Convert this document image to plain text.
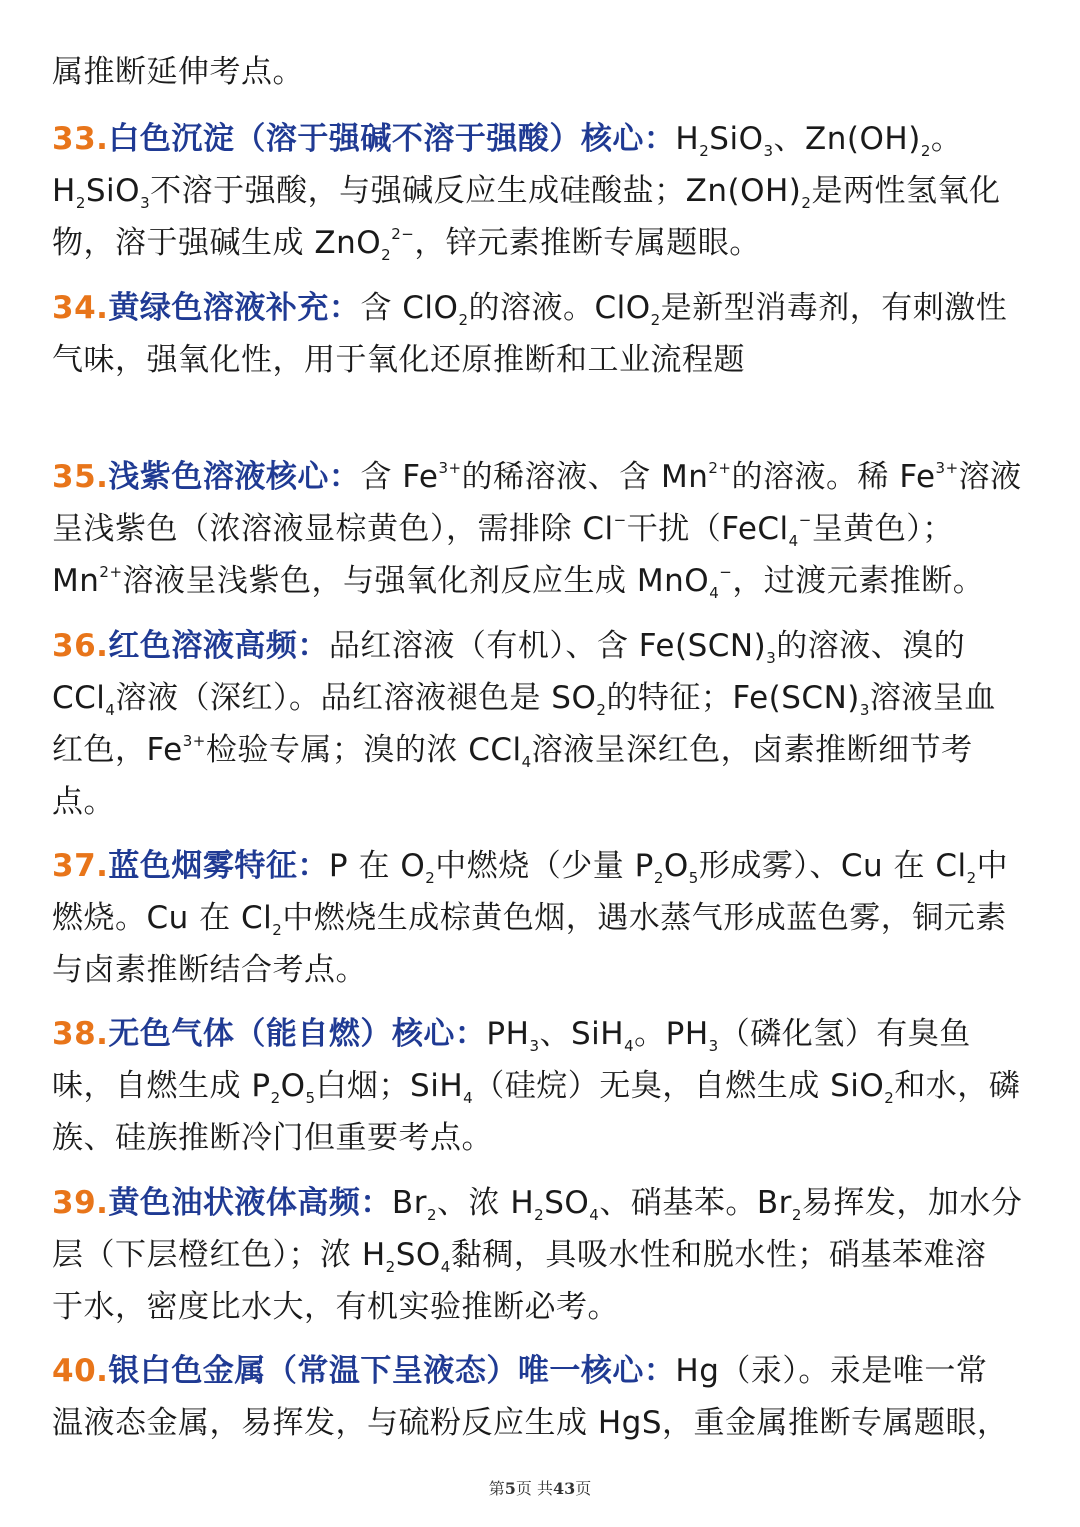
属推断延伸考点。
33.白色沉淀（溶于强碱不溶于强酸）核心：$H_2SiO_3$、$Zn(OH)_2$。
$H_2SiO_3$不溶于强酸，与强碱反应生成硅酸盐；$Zn(OH)_2$是两性氢氧化
物，溶于强碱生成 ZnO$_2^{2-}$，锌元素推断专属题眼。
34.黄绿色溶液补充：含 ClO$_2$的溶液。ClO$_2$是新型消毒剂，有刺激性
气味，强氧化性，用于氧化还原推断和工业流程题
35.浅紫色溶液核心：含 $Fe^{3+}$的稀溶液、含 $Mn^{2+}$的溶液。稀 $Fe^{3+}$溶液
呈浅紫色（浓溶液显棕黄色），需排除 Cl−干扰（FeCl$_4$−呈黄色）；
$Mn^{2+}$溶液呈浅紫色，与强氧化剂反应生成 MnO$_4$−，过渡元素推断。
36.红色溶液高频：品红溶液（有机）、含 $Fe(SCN)_3$的溶液、溴的
CCl$_4$溶液（深红）。品红溶液褪色是 $SO_2$的特征；$Fe(SCN)_3$溶液呈血
红色，$Fe^{3+}$检验专属；溴的浓 CCl$_4$溶液呈深红色，卤素推断细节考
点。
37.蓝色烟雾特征：P 在 $O_2$中燃烧（少量 $P_2O_5$形成雾）、Cu 在 $Cl_2$中
燃烧。Cu 在 $Cl_2$中燃烧生成棕黄色烟，遇水蒸气形成蓝色雾，铜元素
与卤素推断结合考点。
38.无色气体（能自燃）核心：$PH_3$、SiH$_4$。$PH_3$（磷化氢）有臭鱼
味，自燃生成 $P_2O_5$白烟；SiH$_4$（硅烷）无臭，自燃生成 SiO$_2$和水，磷
族、硅族推断冷门但重要考点。
39.黄色油状液体高频：$Br_2$、浓 $H_2SO_4$、硝基苯。$Br_2$易挥发，加水分
层（下层橙红色）；浓 $H_2SO_4$黏稠，具吸水性和脱水性；硝基苯难溶
于水，密度比水大，有机实验推断必考。
40.银白色金属（常温下呈液态）唯一核心：Hg（汞）。汞是唯一常
温液态金属，易挥发，与硫粉反应生成 HgS，重金属推断专属题眼，
第5页 共43页
